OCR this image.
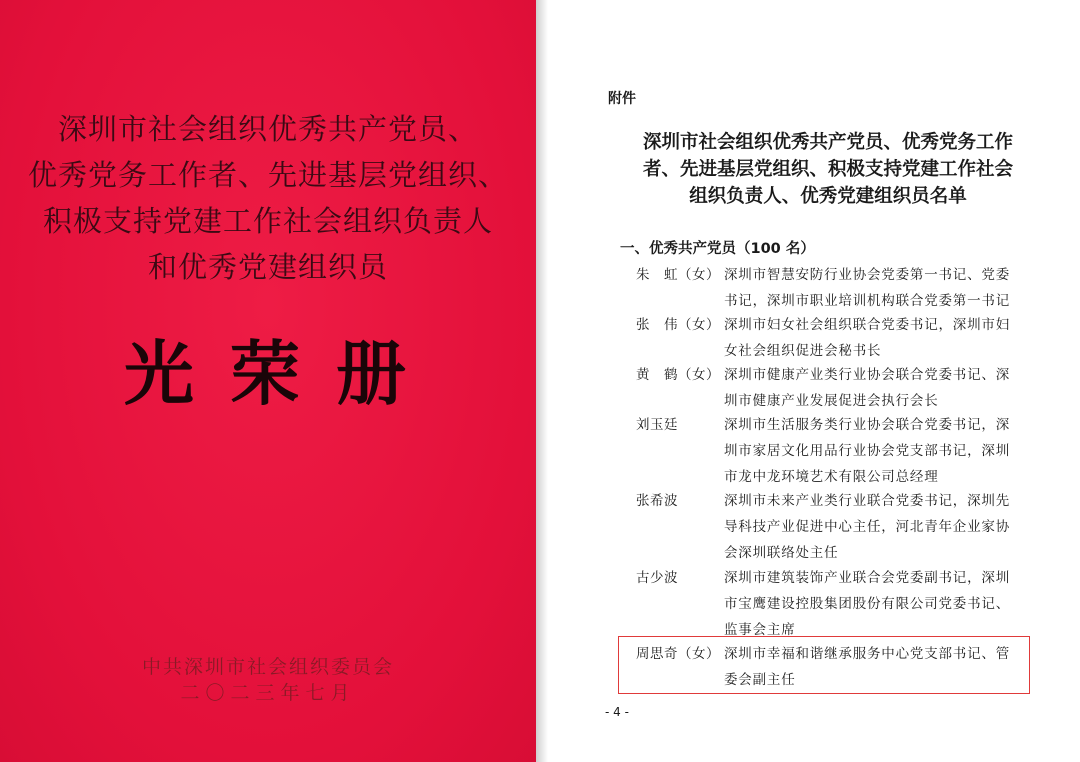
深圳市社会组织优秀共产党员、
优秀党务工作者、先进基层党组织、
积极支持党建工作社会组织负责人
和优秀党建组织员
光荣册
中共深圳市社会组织委员会
二〇二三年七月
附件
深圳市社会组织优秀共产党员、优秀党务工作
者、先进基层党组织、积极支持党建工作社会
组织负责人、优秀党建组织员名单
一、优秀共产党员（100 名）
朱　虹（女） 深圳市智慧安防行业协会党委第一书记、党委
书记，深圳市职业培训机构联合党委第一书记
张　伟（女） 深圳市妇女社会组织联合党委书记，深圳市妇
女社会组织促进会秘书长
黄　鹤（女） 深圳市健康产业类行业协会联合党委书记、深
圳市健康产业发展促进会执行会长
刘玉廷	深圳市生活服务类行业协会联合党委书记，深
圳市家居文化用品行业协会党支部书记，深圳
市龙中龙环境艺术有限公司总经理
张希波	深圳市未来产业类行业联合党委书记，深圳先
导科技产业促进中心主任，河北青年企业家协
会深圳联络处主任
古少波	深圳市建筑装饰产业联合会党委副书记，深圳
市宝鹰建设控股集团股份有限公司党委书记、
监事会主席
周思奇（女） 深圳市幸福和谐继承服务中心党支部书记、管
委会副主任
- 4 -
